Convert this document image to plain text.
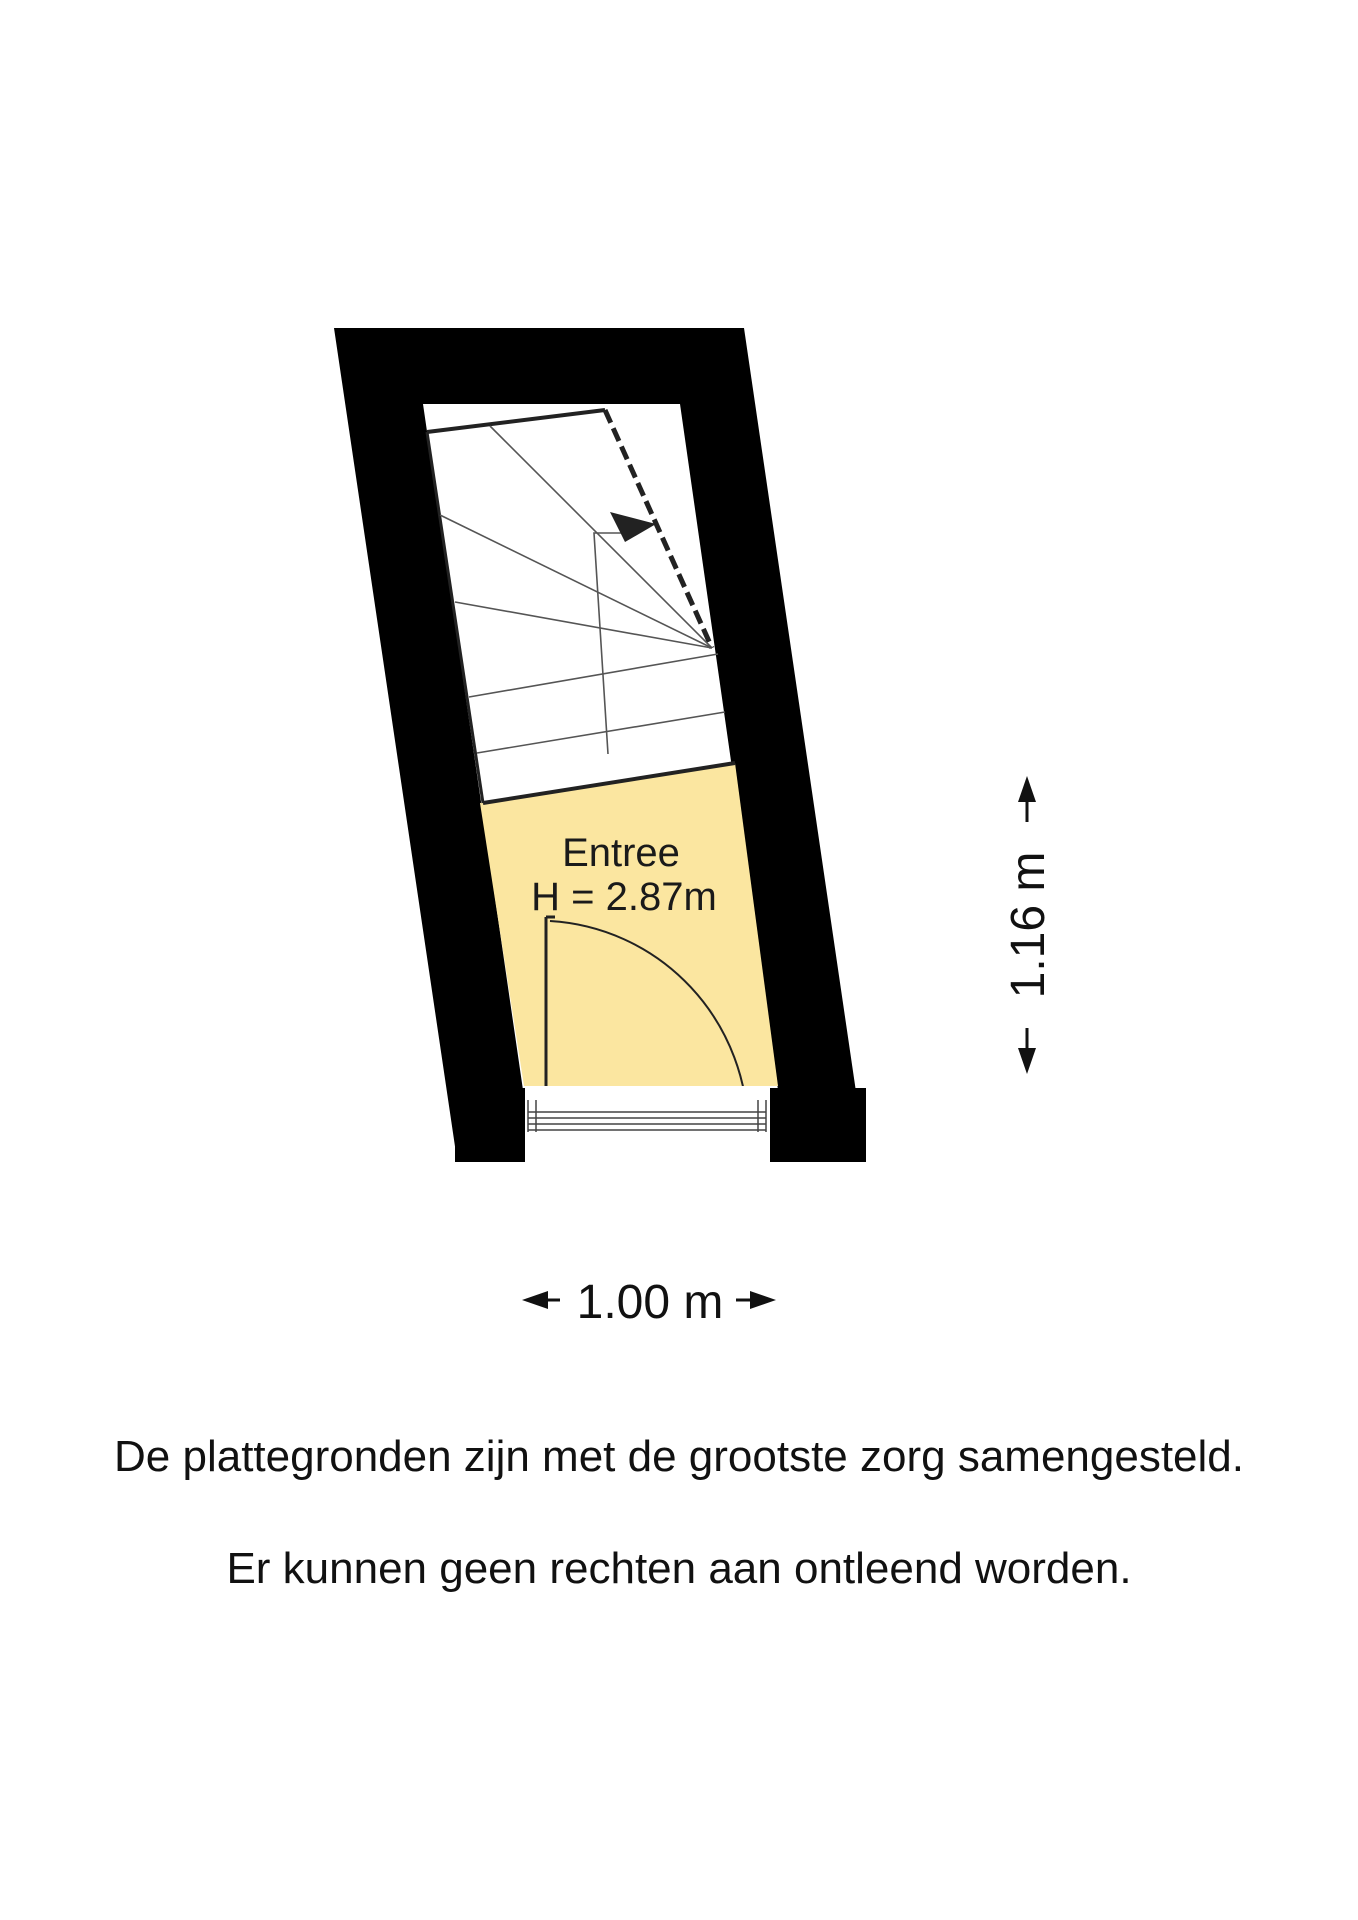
Entree
H = 2.87m
1.00 m
1.16 m
De plattegronden zijn met de grootste zorg samengesteld.
Er kunnen geen rechten aan ontleend worden.
